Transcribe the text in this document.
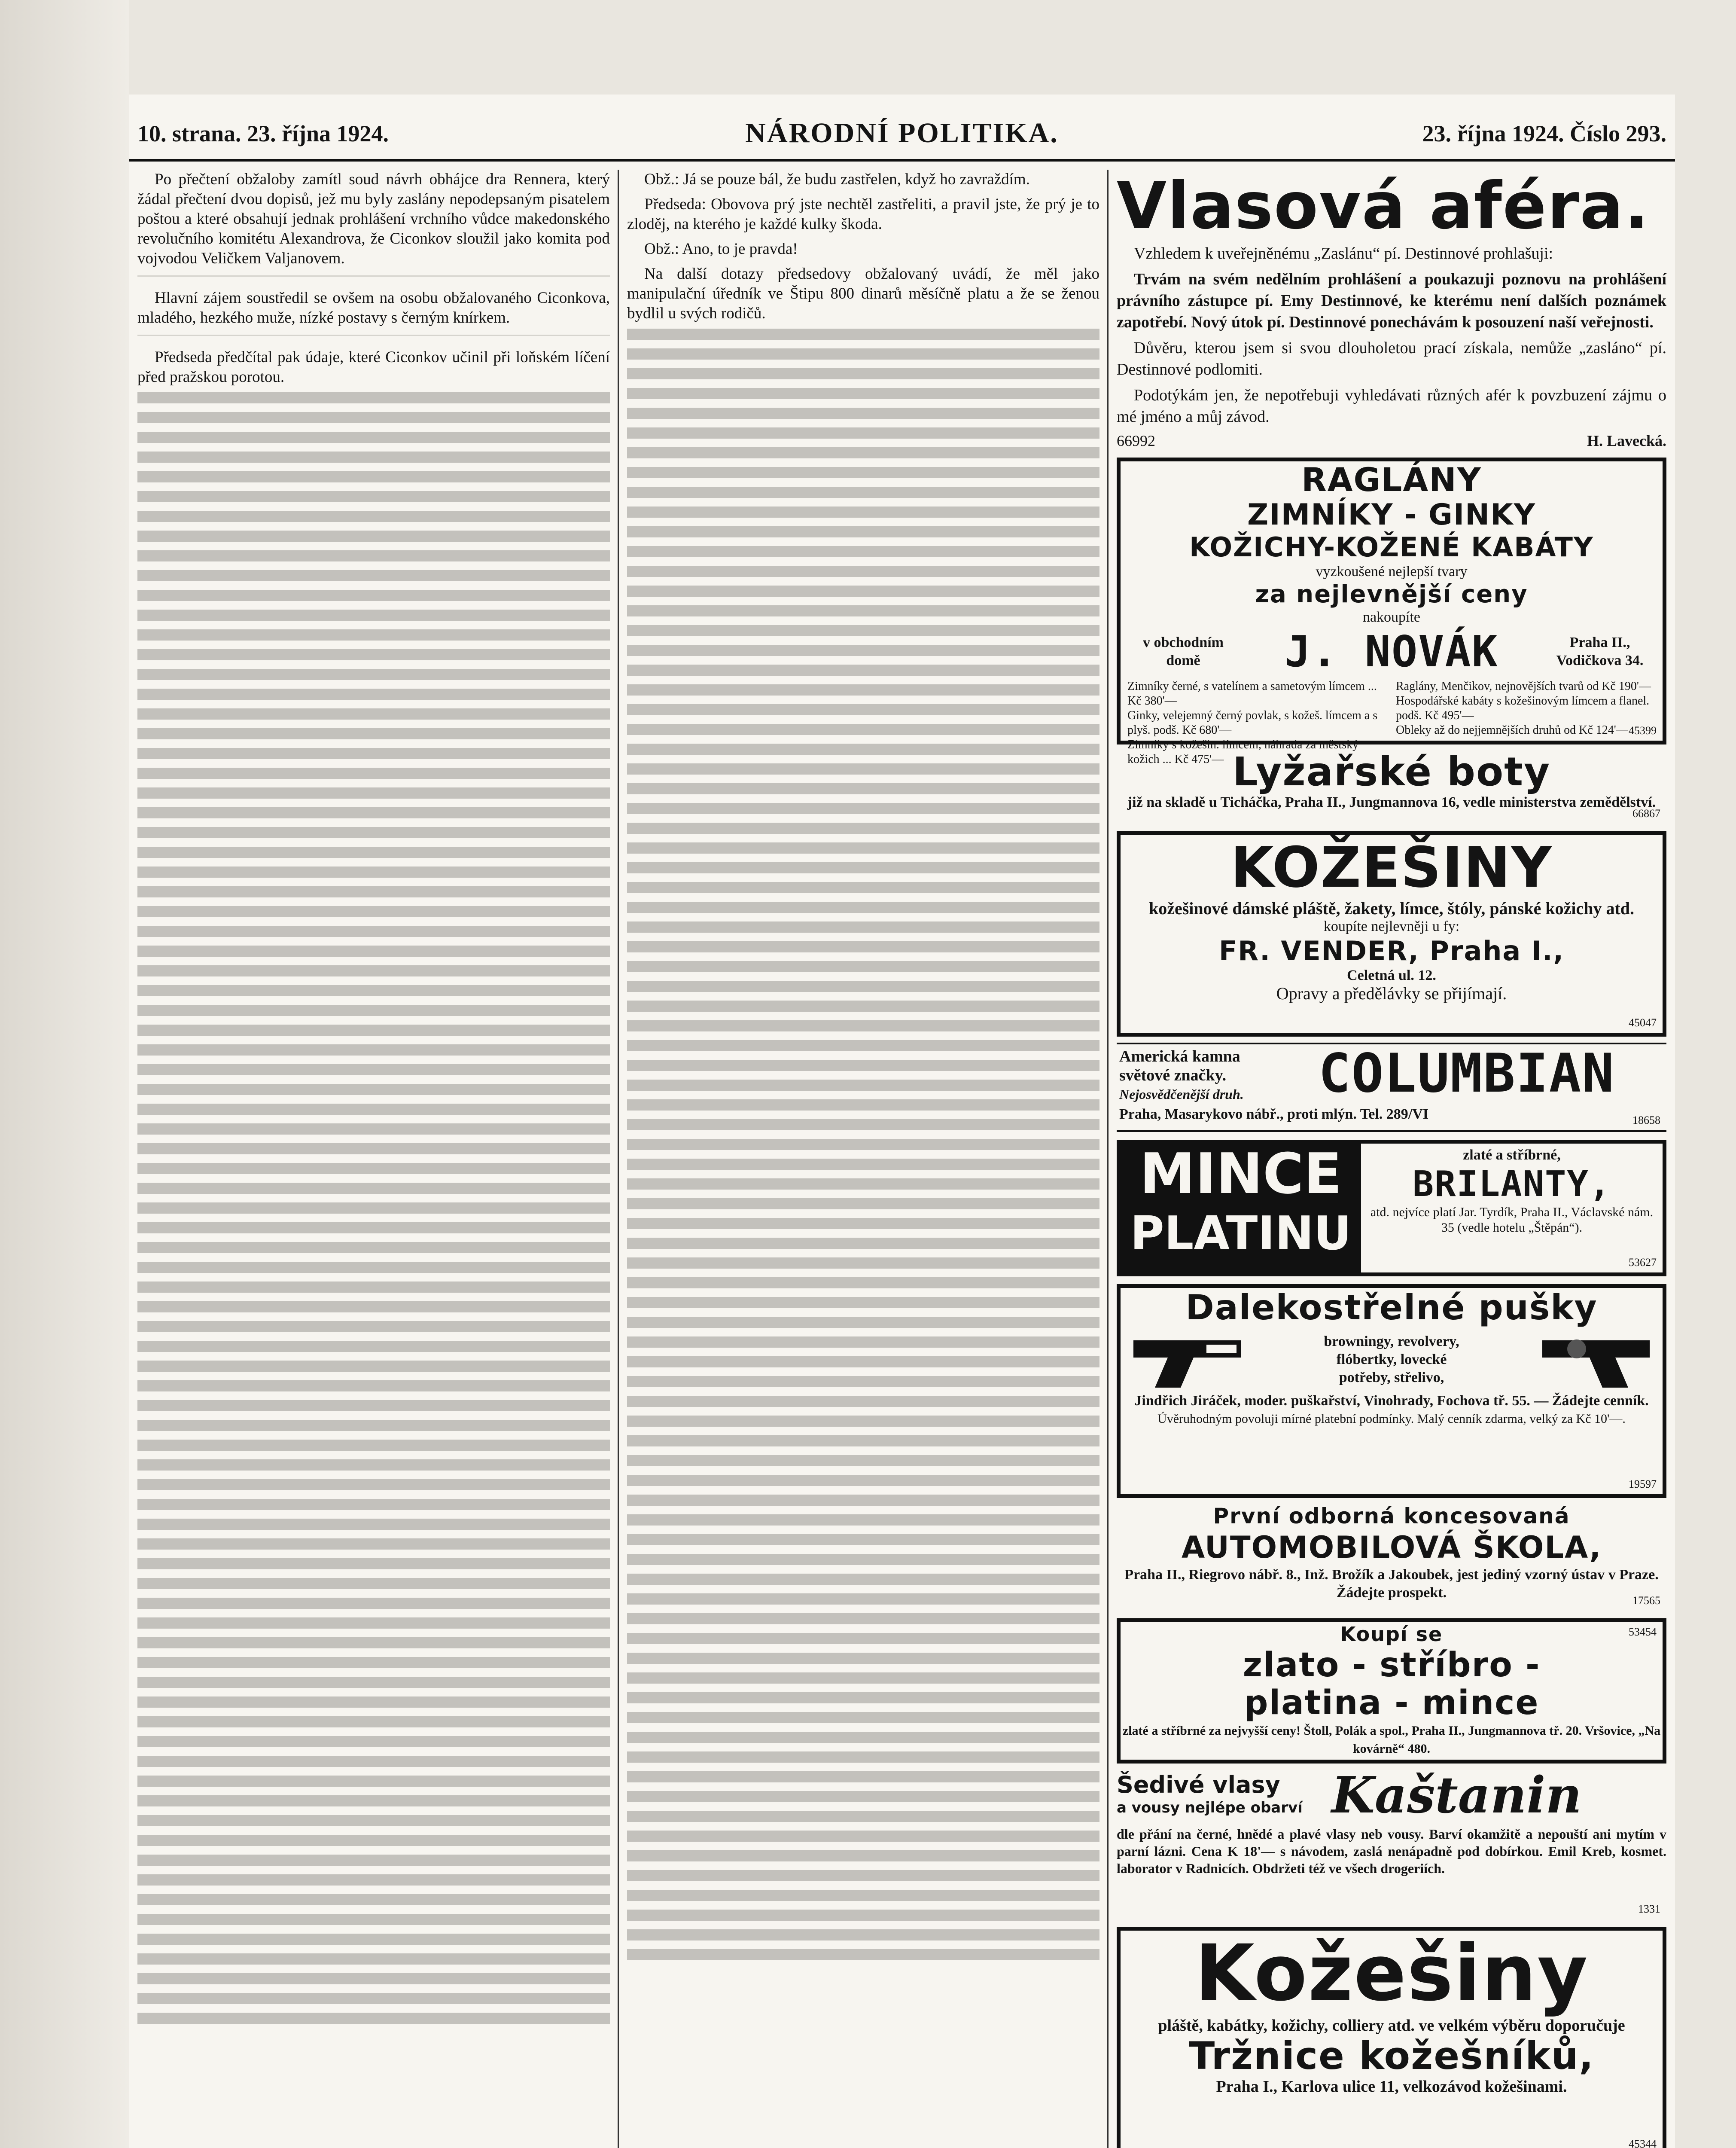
10. strana. 23. října 1924.	NÁRODNÍ POLITIKA.	23. října 1924. Číslo 293.

Po přečtení obžaloby zamítl soud návrh obhájce dra Rennera, který žádal přečtení dvou dopisů, jež mu byly zaslány nepodepsaným pisatelem poštou a které obsahují jednak prohlášení vrchního vůdce makedonského revolučního komitétu Alexandrova, že Ciconkov sloužil jako komita pod vojvodou Veličkem Valjanovem.

Hlavní zájem soustředil se ovšem na osobu obžalovaného Ciconkova, mladého, hezkého muže, nízké postavy s černým knírkem.

Předseda předčítal pak údaje, které Ciconkov učinil při loňském líčení před pražskou porotou.

Obž.: Já se pouze bál, že budu zastřelen, když ho zavraždím.

Předseda: Obovova prý jste nechtěl zastřeliti, a pravil jste, že prý je to zloděj, na kterého je každé kulky škoda.

Obž.: Ano, to je pravda!

Na další dotazy předsedovy obžalovaný uvádí, že měl jako manipulační úředník ve Štipu 800 dinarů měsíčně platu a že se ženou bydlil u svých rodičů.

Vlasová aféra.

Vzhledem k uveřejněnému „Zaslánu“ pí. Destinnové prohlašuji:

Trvám na svém nedělním prohlášení a poukazuji poznovu na prohlášení právního zástupce pí. Emy Destinnové, ke kterému není dalších poznámek zapotřebí. Nový útok pí. Destinnové ponechávám k posouzení naší veřejnosti.

Důvěru, kterou jsem si svou dlouholetou prací získala, nemůže „zasláno“ pí. Destinnové podlomiti.

Podotýkám jen, že nepotřebuji vyhledávati různých afér k povzbuzení zájmu o mé jméno a můj závod.

66992	H. Lavecká.
RAGLÁNY
ZIMNÍKY - GINKY
KOŽICHY-KOŽENÉ KABÁTY
vyzkoušené nejlepší tvary
za nejlevnější ceny
nakoupíte
v obchodním domě	J. NOVÁK	Praha II., Vodičkova 34.
Zimníky černé, s vatelínem a sametovým límcem ... Kč 380'—
Ginky, velejemný černý povlak, s kožeš. límcem a s plyš. podš. Kč 680'—
Zimníky s kožešin. límcem, náhrada za městský kožich ... Kč 475'—
Raglány, Menčikov, nejnovějších tvarů od Kč 190'—
Hospodářské kabáty s kožešinovým límcem a flanel. podš. Kč 495'—
Obleky až do nejjemnějších druhů od Kč 124'— 45399
Lyžařské boty
již na skladě u Ticháčka, Praha II., Jungmannova 16, vedle ministerstva zemědělství.
66867
KOŽEŠINY
kožešinové dámské pláště, žakety, límce, štóly, pánské kožichy atd.
koupíte nejlevněji u fy:
FR. VENDER, Praha I.,
Celetná ul. 12.
Opravy a předělávky se přijímají.
45047
Americká kamna
světové značky.
Nejosvědčenější druh.	COLUMBIAN
Praha, Masarykovo nábř., proti mlýn. Tel. 289/VI	18658
MINCE
PLATINU
zlaté a stříbrné,
BRILANTY,
atd. nejvíce platí Jar. Tyrdík, Praha II., Václavské nám. 35 (vedle hotelu „Štěpán“).
53627
Dalekostřelné pušky
browningy, revolvery, flóbertky, lovecké potřeby, střelivo,
Jindřich Jiráček, moder. puškařství, Vinohrady, Fochova tř. 55. — Žádejte cenník.
Úvěruhodným povoluji mírné platební podmínky. Malý cenník zdarma, velký za Kč 10'—.
19597
První odborná koncesovaná
AUTOMOBILOVÁ ŠKOLA,
Praha II., Riegrovo nábř. 8., Inž. Brožík a Jakoubek, jest jediný vzorný ústav v Praze. Žádejte prospekt.	17565
Koupí se
zlato - stříbro -
platina - mince
zlaté a stříbrné za nejvyšší ceny! Štoll, Polák a spol., Praha II., Jungmannova tř. 20. Vršovice, „Na kovárně“ 480.
53454
Šedivé vlasy
a vousy nejlépe obarví Kaštanin
dle přání na černé, hnědé a plavé vlasy neb vousy. Barví okamžitě a nepouští ani mytím v parní lázni. Cena K 18'— s návodem, zaslá nenápadně pod dobírkou. Emil Kreb, kosmet. laborator v Radnicích. Obdržeti též ve všech drogeriích.
1331
Kožešiny
pláště, kabátky, kožichy, colliery atd. ve velkém výběru doporučuje
Tržnice kožešníků,
Praha I., Karlova ulice 11, velkozávod kožešinami.
45344
